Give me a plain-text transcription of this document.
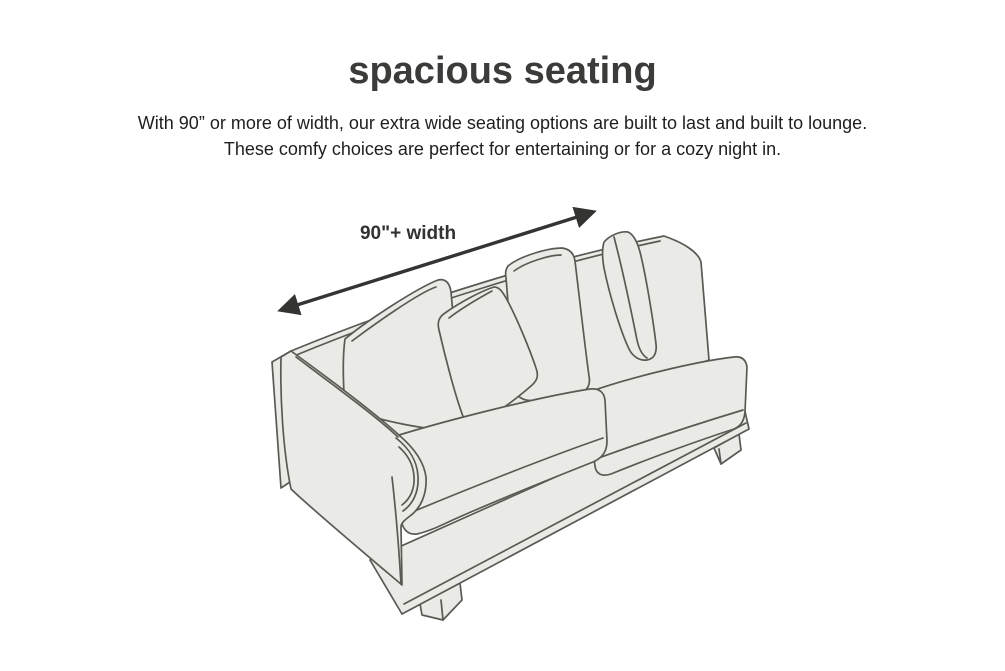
spacious seating

With 90” or more of width, our extra wide seating options are built to last and built to lounge.

These comfy choices are perfect for entertaining or for a cozy night in.

90"+ width
